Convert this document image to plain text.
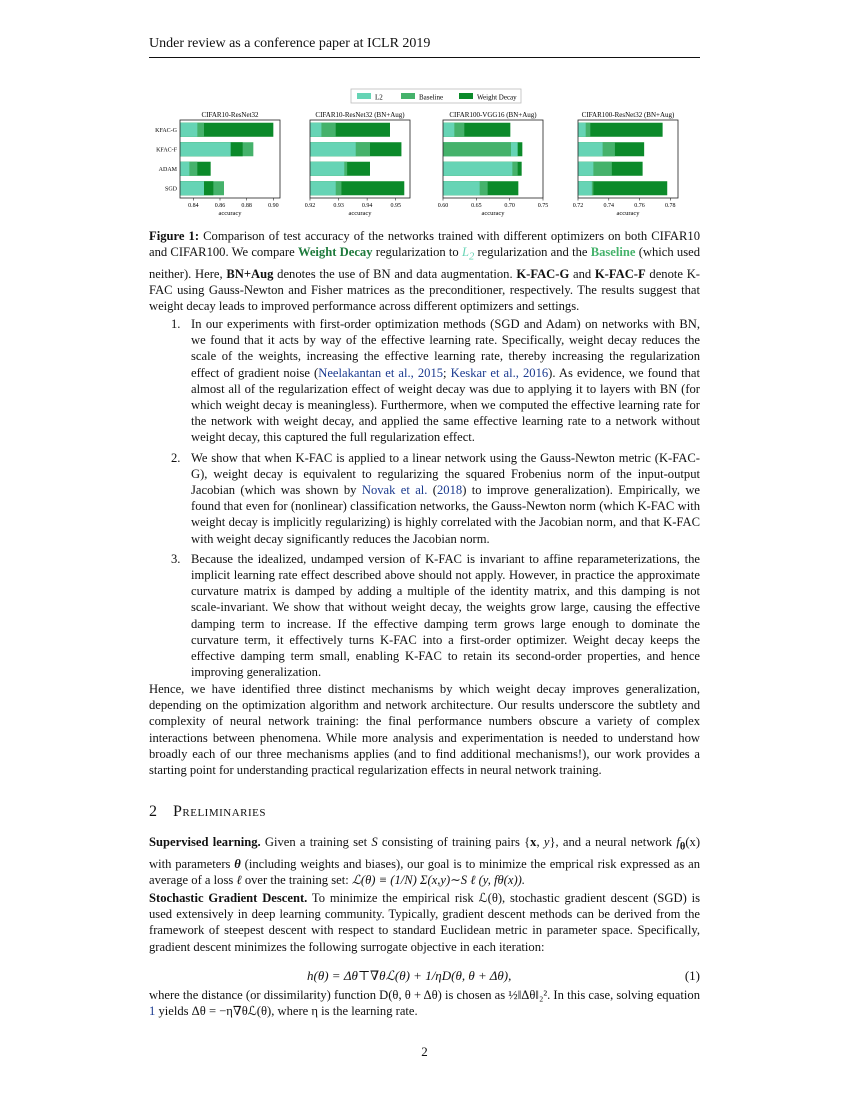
Under review as a conference paper at ICLR 2019
L2	Baseline	Weight Decay
CIFAR10-ResNet32
KFAC-G
KFAC-F
ADAM
SGD
0.84	0.86	0.88	0.90
accuracy
CIFAR10-ResNet32 (BN+Aug)
0.92	0.93	0.94	0.95
accuracy
CIFAR100-VGG16 (BN+Aug)
0.60	0.65	0.70	0.75
accuracy
CIFAR100-ResNet32 (BN+Aug)
0.72	0.74	0.76	0.78
accuracy
Figure 1: Comparison of test accuracy of the networks trained with different optimizers on both CIFAR10 and CIFAR100. We compare Weight Decay regularization to $L_2$ regularization and the Baseline (which used neither). Here, BN+Aug denotes the use of BN and data augmentation. K-FAC-G and K-FAC-F denote K-FAC using Gauss-Newton and Fisher matrices as the preconditioner, respectively. The results suggest that weight decay leads to improved performance across different optimizers and settings.
1. In our experiments with first-order optimization methods (SGD and Adam) on networks with BN, we found that it acts by way of the effective learning rate. Specifically, weight decay reduces the scale of the weights, increasing the effective learning rate, thereby increasing the regularization effect of gradient noise (Neelakantan et al., 2015; Keskar et al., 2016). As evidence, we found that almost all of the regularization effect of weight decay was due to applying it to layers with BN (for which weight decay is meaningless). Furthermore, when we computed the effective learning rate for the network with weight decay, and applied the same effective learning rate to a network without weight decay, this captured the full regularization effect.
2. We show that when K-FAC is applied to a linear network using the Gauss-Newton metric (K-FAC-G), weight decay is equivalent to regularizing the squared Frobenius norm of the input-output Jacobian (which was shown by Novak et al. (2018) to improve generalization). Empirically, we found that even for (nonlinear) classification networks, the Gauss-Newton norm (which K-FAC with weight decay is implicitly regularizing) is highly correlated with the Jacobian norm, and that K-FAC with weight decay significantly reduces the Jacobian norm.
3. Because the idealized, undamped version of K-FAC is invariant to affine reparameterizations, the implicit learning rate effect described above should not apply. However, in practice the approximate curvature matrix is damped by adding a multiple of the identity matrix, and this damping is not scale-invariant. We show that without weight decay, the weights grow large, causing the effective damping term to increase. If the effective damping term grows large enough to dominate the curvature term, it effectively turns K-FAC into a first-order optimizer. Weight decay keeps the effective damping term small, enabling K-FAC to retain its second-order properties, and hence improving generalization.

Hence, we have identified three distinct mechanisms by which weight decay improves generalization, depending on the optimization algorithm and network architecture. Our results underscore the subtlety and complexity of neural network training: the final performance numbers obscure a variety of complex interactions between phenomena. While more analysis and experimentation is needed to understand how broadly each of our three mechanisms applies (and to find additional mechanisms!), our work provides a starting point for understanding practical regularization effects in neural network training.

2 Preliminaries

Supervised learning. Given a training set S consisting of training pairs {x, y}, and a neural network $f_\theta(x)$ with parameters θ (including weights and biases), our goal is to minimize the emprical risk expressed as an average of a loss ℓ over the training set: ℒ(θ) ≡ (1/N) Σ(x,y)∼S ℓ (y, fθ(x)).

Stochastic Gradient Descent. To minimize the empirical risk ℒ(θ), stochastic gradient descent (SGD) is used extensively in deep learning community. Typically, gradient descent methods can be derived from the framework of steepest descent with respect to standard Euclidean metric in parameter space. Specifically, gradient descent minimizes the following surrogate objective in each iteration:

h(θ) = Δθ⊤∇θℒ(θ) + 1/ηD(θ, θ + Δθ),	(1)

where the distance (or dissimilarity) function D(θ, θ + Δθ) is chosen as ½‖Δθ‖₂². In this case, solving equation 1 yields Δθ = −η∇θℒ(θ), where η is the learning rate.

2
